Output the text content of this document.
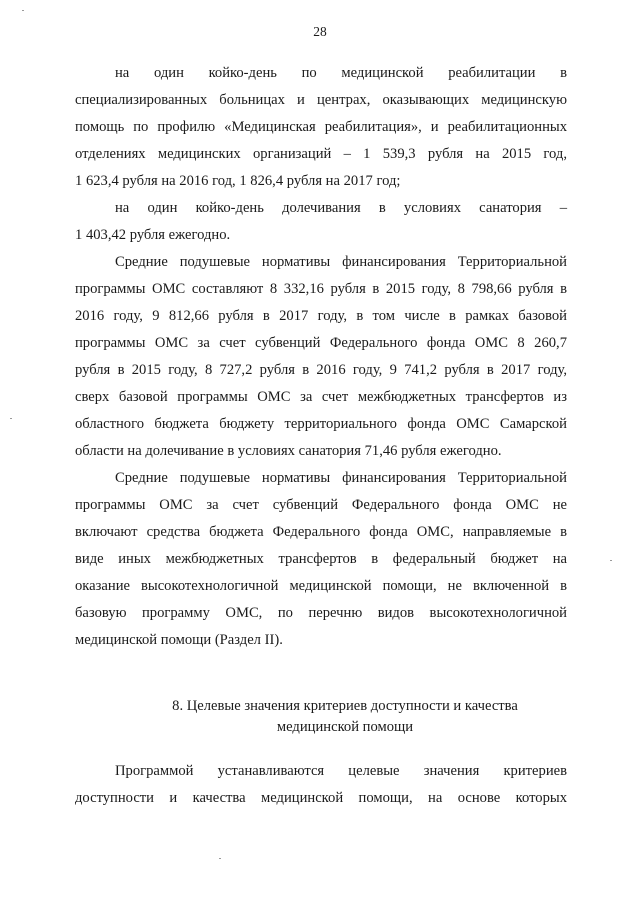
28
на один койко-день по медицинской реабилитации в
специализированных больницах и центрах, оказывающих медицинскую
помощь по профилю «Медицинская реабилитация», и реабилитационных
отделениях медицинских организаций – 1 539,3 рубля на 2015 год,
1 623,4 рубля на 2016 год, 1 826,4 рубля на 2017 год;
на один койко-день долечивания в условиях санатория –
1 403,42 рубля ежегодно.
Средние подушевые нормативы финансирования Территориальной
программы ОМС составляют 8 332,16 рубля в 2015 году, 8 798,66 рубля в
2016 году, 9 812,66 рубля в 2017 году, в том числе в рамках базовой
программы ОМС за счет субвенций Федерального фонда ОМС 8 260,7
рубля в 2015 году, 8 727,2 рубля в 2016 году, 9 741,2 рубля в 2017 году,
сверх базовой программы ОМС за счет межбюджетных трансфертов из
областного бюджета бюджету территориального фонда ОМС Самарской
области на долечивание в условиях санатория 71,46 рубля ежегодно.
Средние подушевые нормативы финансирования Территориальной
программы ОМС за счет субвенций Федерального фонда ОМС не
включают средства бюджета Федерального фонда ОМС, направляемые в
виде иных межбюджетных трансфертов в федеральный бюджет на
оказание высокотехнологичной медицинской помощи, не включенной в
базовую программу ОМС, по перечню видов высокотехнологичной
медицинской помощи (Раздел II).
8. Целевые значения критериев доступности и качества
медицинской помощи
Программой устанавливаются целевые значения критериев
доступности и качества медицинской помощи, на основе которых
